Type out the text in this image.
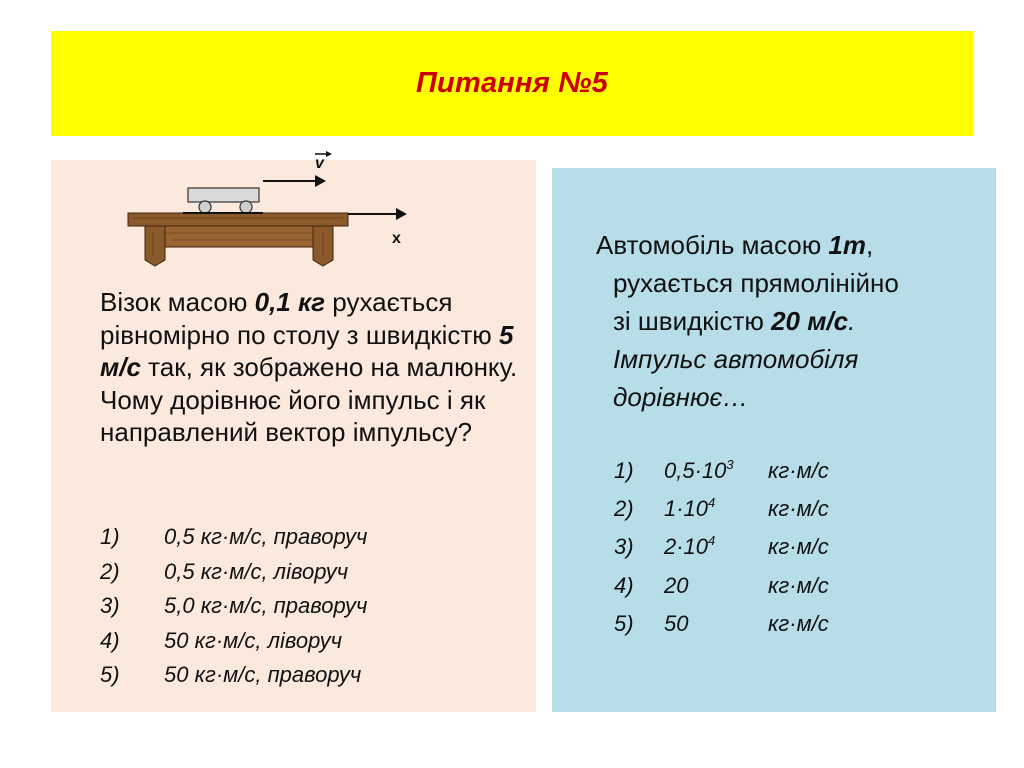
Питання №5
v
x
Візок масою 0,1 кг рухається рівномірно по столу з швидкістю 5 м/с так, як зображено на малюнку. Чому дорівнює його імпульс і як направлений вектор імпульсу?
1)	0,5 кг·м/с, праворуч
2)	0,5 кг·м/с, ліворуч
3)	5,0 кг·м/с, праворуч
4)	50 кг·м/с, ліворуч
5)	50 кг·м/с, праворуч
Автомобіль масою 1т,
рухається прямолінійно
зі швидкістю 20 м/с.
Імпульс автомобіля
дорівнює…
1)	$0,5\cdot 10^3$	кг·м/с
2)	$1\cdot 10^4$	кг·м/с
3)	$2\cdot 10^4$	кг·м/с
4)	20	кг·м/с
5)	50	кг·м/с
